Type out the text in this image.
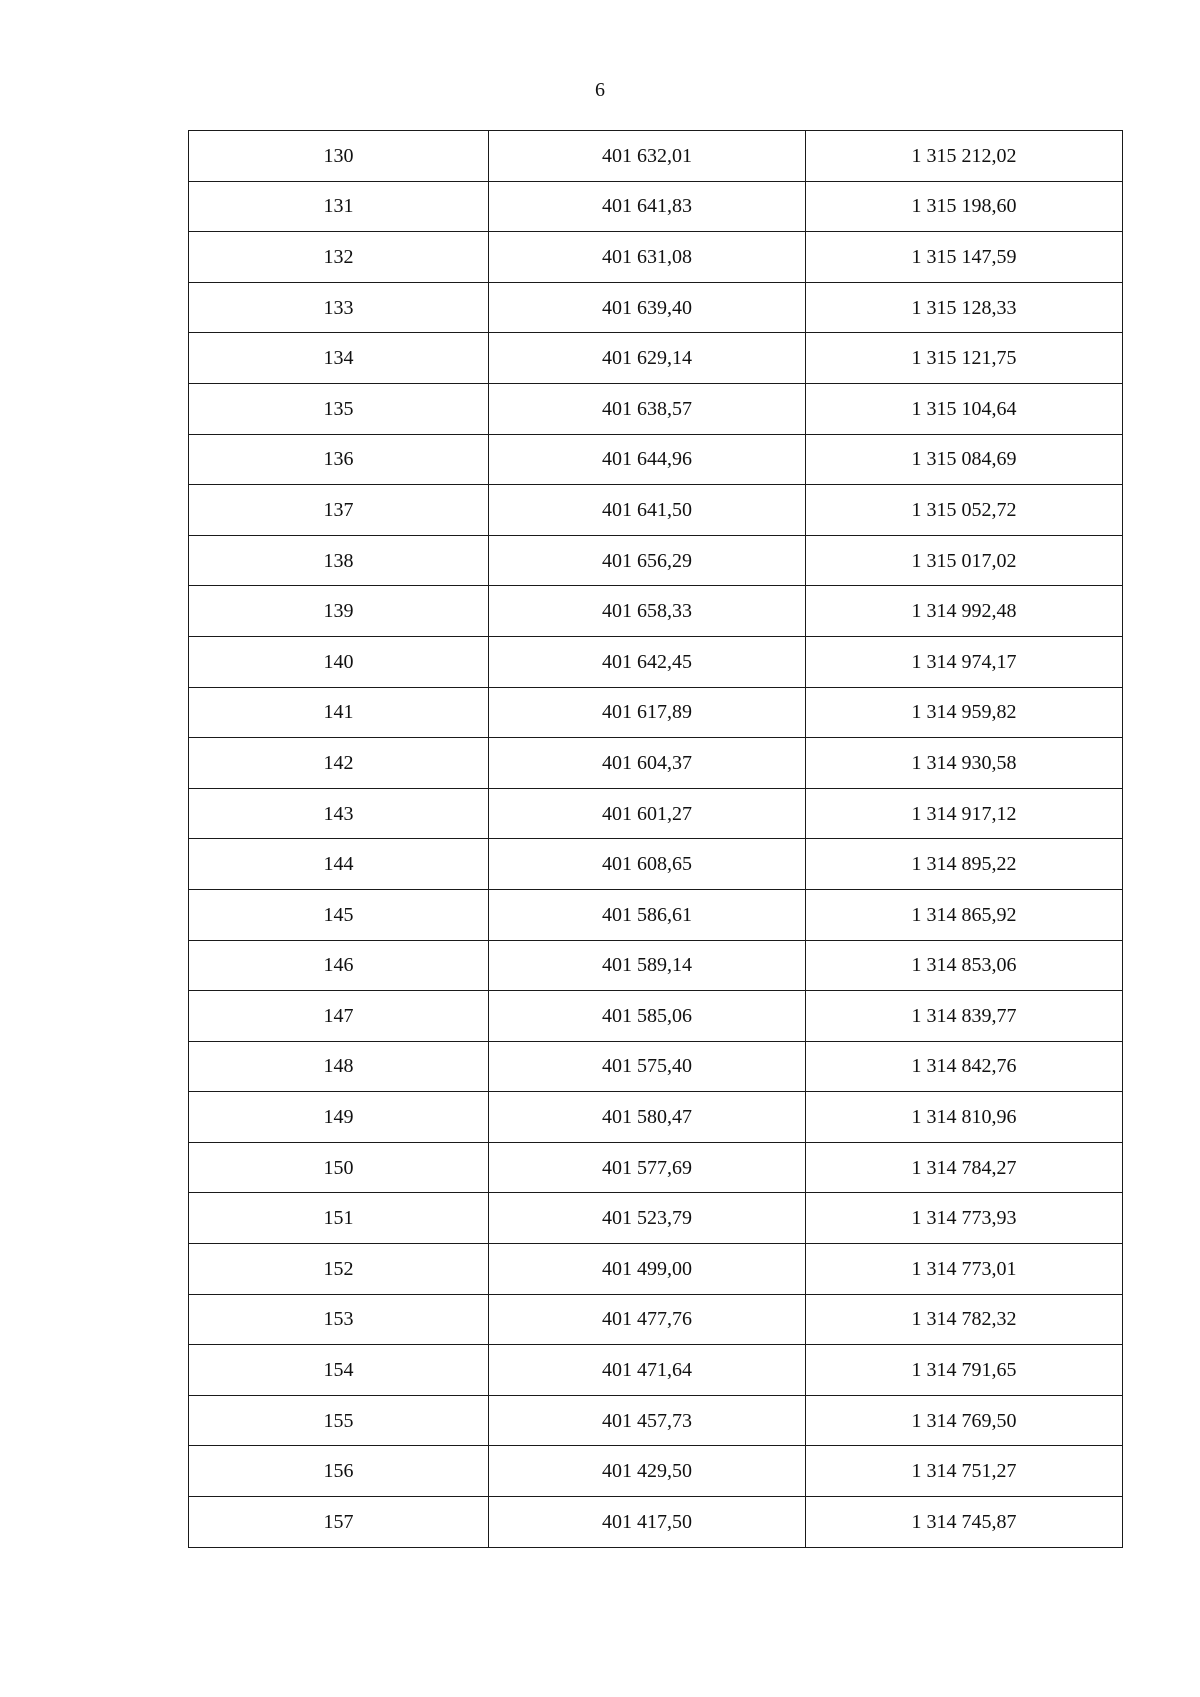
6
130	401 632,01	1 315 212,02
131	401 641,83	1 315 198,60
132	401 631,08	1 315 147,59
133	401 639,40	1 315 128,33
134	401 629,14	1 315 121,75
135	401 638,57	1 315 104,64
136	401 644,96	1 315 084,69
137	401 641,50	1 315 052,72
138	401 656,29	1 315 017,02
139	401 658,33	1 314 992,48
140	401 642,45	1 314 974,17
141	401 617,89	1 314 959,82
142	401 604,37	1 314 930,58
143	401 601,27	1 314 917,12
144	401 608,65	1 314 895,22
145	401 586,61	1 314 865,92
146	401 589,14	1 314 853,06
147	401 585,06	1 314 839,77
148	401 575,40	1 314 842,76
149	401 580,47	1 314 810,96
150	401 577,69	1 314 784,27
151	401 523,79	1 314 773,93
152	401 499,00	1 314 773,01
153	401 477,76	1 314 782,32
154	401 471,64	1 314 791,65
155	401 457,73	1 314 769,50
156	401 429,50	1 314 751,27
157	401 417,50	1 314 745,87
